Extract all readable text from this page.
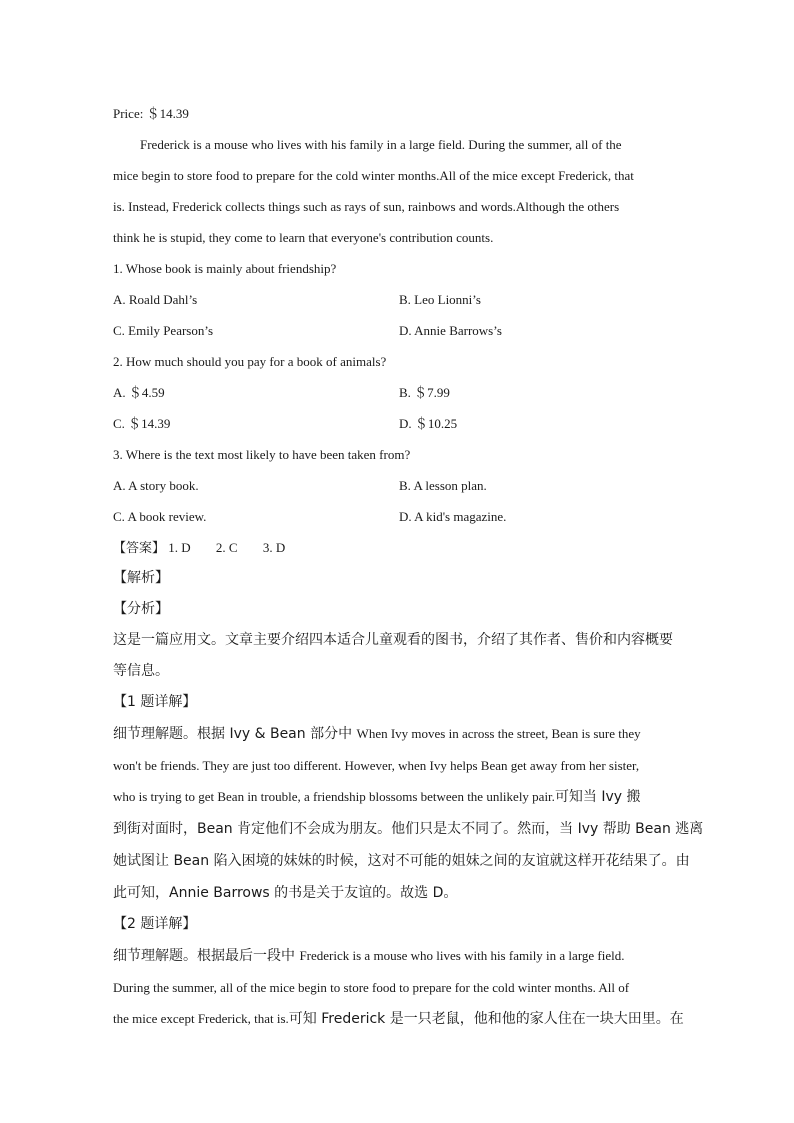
Price: ＄14.39
Frederick is a mouse who lives with his family in a large field. During the summer, all of the
mice begin to store food to prepare for the cold winter months.All of the mice except Frederick, that
is. Instead, Frederick collects things such as rays of sun, rainbows and words.Although the others
think he is stupid, they come to learn that everyone's contribution counts.
1. Whose book is mainly about friendship?
A. Roald Dahl’s	B. Leo Lionni’s
C. Emily Pearson’s	D. Annie Barrows’s
2. How much should you pay for a book of animals?
A. ＄4.59	B. ＄7.99
C. ＄14.39	D. ＄10.25
3. Where is the text most likely to have been taken from?
A. A story book.	B. A lesson plan.
C. A book review.	D. A kid's magazine.
【答案】 1. D 2. C 3. D
【解析】
【分析】
这是一篇应用文。文章主要介绍四本适合儿童观看的图书，介绍了其作者、售价和内容概要
等信息。
【1 题详解】
细节理解题。根据 Ivy & Bean 部分中 When Ivy moves in across the street, Bean is sure they
won't be friends. They are just too different. However, when Ivy helps Bean get away from her sister,
who is trying to get Bean in trouble, a friendship blossoms between the unlikely pair.可知当 Ivy 搬
到街对面时，Bean 肯定他们不会成为朋友。他们只是太不同了。然而，当 Ivy 帮助 Bean 逃离
她试图让 Bean 陷入困境的妹妹的时候，这对不可能的姐妹之间的友谊就这样开花结果了。由
此可知，Annie Barrows 的书是关于友谊的。故选 D。
【2 题详解】
细节理解题。根据最后一段中 Frederick is a mouse who lives with his family in a large field.
During the summer, all of the mice begin to store food to prepare for the cold winter months. All of
the mice except Frederick, that is.可知 Frederick 是一只老鼠，他和他的家人住在一块大田里。在
